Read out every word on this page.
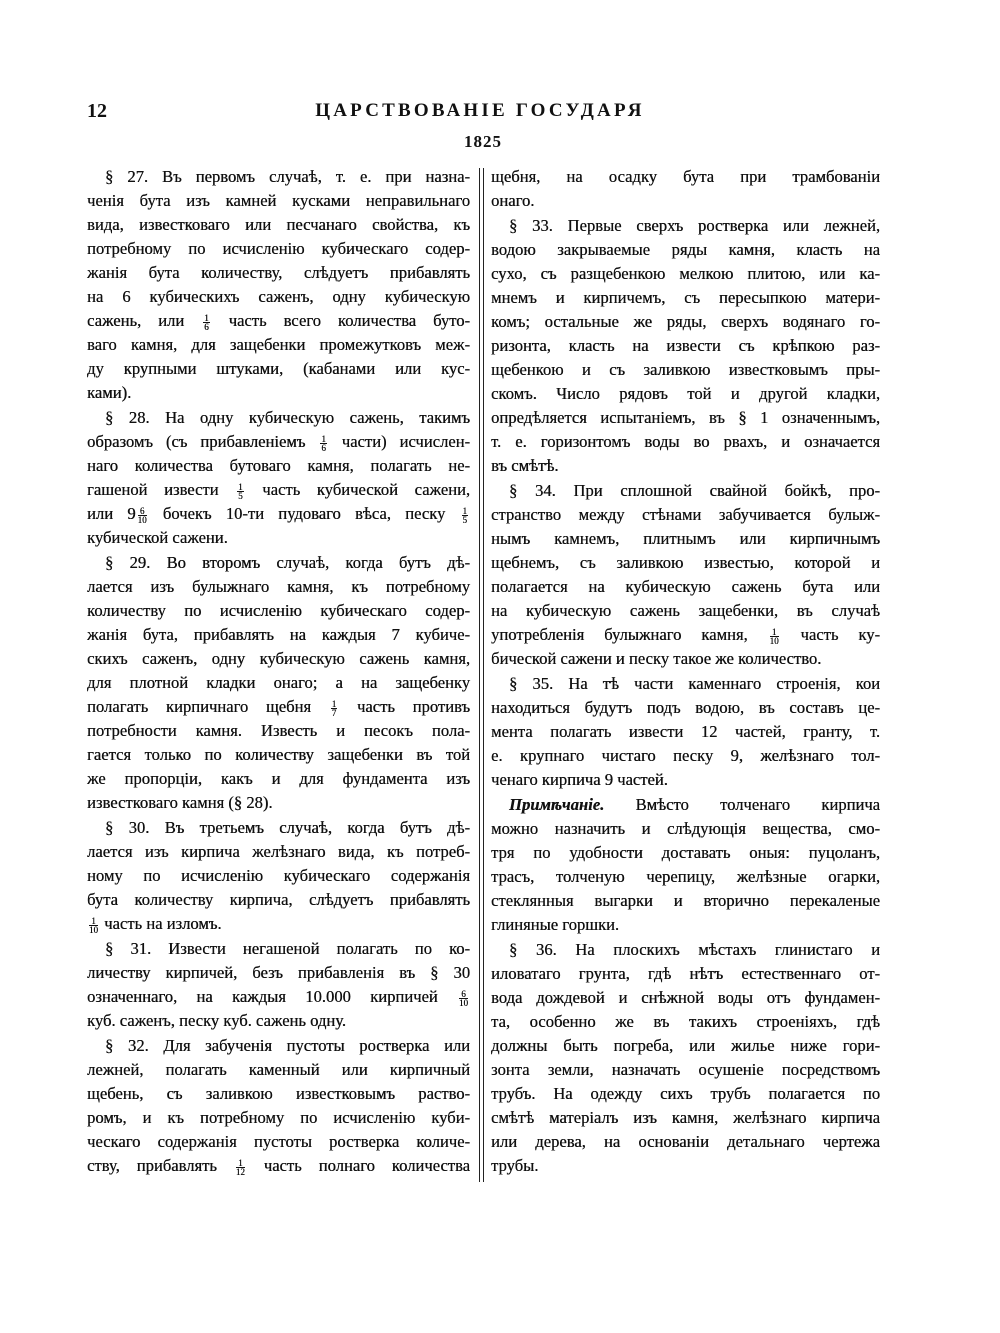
12	ЦАРСТВОВАНІЕ ГОСУДАРЯ
1825
§ 27. Въ первомъ случаѣ, т. е. при назна-
ченія бута изъ камней кусками неправильнаго
вида, известковаго или песчанаго свойства, къ
потребному по исчисленію кубическаго содер-
жанія бута количеству, слѣдуетъ прибавлять
на 6 кубическихъ саженъ, одну кубическую
сажень, или $\frac{1}{6}$ часть всего количества буто-
ваго камня, для защебенки промежутковъ меж-
ду крупными штуками, (кабанами или кус-
ками).
§ 28. На одну кубическую сажень, такимъ
образомъ (съ прибавленіемъ $\frac{1}{6}$ части) исчислен-
наго количества бутоваго камня, полагать не-
гашеной извести $\frac{1}{5}$ часть кубической сажени,
или $9 \frac{6}{10}$ бочекъ 10-ти пудоваго вѣса, песку $\frac{1}{5}$
кубической сажени.
§ 29. Во второмъ случаѣ, когда бутъ дѣ-
лается изъ булыжнаго камня, къ потребному
количеству по исчисленію кубическаго содер-
жанія бута, прибавлять на каждыя 7 кубиче-
скихъ саженъ, одну кубическую сажень камня,
для плотной кладки онаго; а на защебенку
полагать кирпичнаго щебня $\frac{1}{7}$ часть противъ
потребности камня. Известь и песокъ пола-
гается только по количеству защебенки въ той
же пропорціи, какъ и для фундамента изъ
известковаго камня (§ 28).
§ 30. Въ третьемъ случаѣ, когда бутъ дѣ-
лается изъ кирпича желѣзнаго вида, къ потреб-
ному по исчисленію кубическаго содержанія
бута количеству кирпича, слѣдуетъ прибавлять
$\frac{1}{10}$ часть на изломъ.
§ 31. Извести негашеной полагать по ко-
личеству кирпичей, безъ прибавленія въ § 30
означеннаго, на каждыя 10.000 кирпичей $\frac{6}{10}$
куб. саженъ, песку куб. сажень одну.
§ 32. Для забученія пустоты ростверка или
лежней, полагать каменный или кирпичный
щебень, съ заливкою известковымъ раство-
ромъ, и къ потребному по исчисленію куби-
ческаго содержанія пустоты ростверка количе-
ству, прибавлять $\frac{1}{12}$ часть полнаго количества
щебня, на осадку бута при трамбованіи
онаго.
§ 33. Первые сверхъ ростверка или лежней,
водою закрываемые ряды камня, класть на
сухо, съ разщебенкою мелкою плитою, или ка-
мнемъ и кирпичемъ, съ пересыпкою матери-
комъ; остальные же ряды, сверхъ водянаго го-
ризонта, класть на извести съ крѣпкою раз-
щебенкою и съ заливкою известковымъ пры-
скомъ. Число рядовъ той и другой кладки,
опредѣляется испытаніемъ, въ § 1 означеннымъ,
т. е. горизонтомъ воды во рвахъ, и означается
въ смѣтѣ.
§ 34. При сплошной свайной бойкѣ, про-
странство между стѣнами забучивается булыж-
нымъ камнемъ, плитнымъ или кирпичнымъ
щебнемъ, съ заливкою известью, которой и
полагается на кубическую сажень бута или
на кубическую сажень защебенки, въ случаѣ
употребленія булыжнаго камня, $\frac{1}{10}$ часть ку-
бической сажени и песку такое же количество.
§ 35. На тѣ части каменнаго строенія, кои
находиться будутъ подъ водою, въ составъ це-
мента полагать извести 12 частей, гранту, т.
е. крупнаго чистаго песку 9, желѣзнаго тол-
ченаго кирпича 9 частей.
Примѣчаніе. Вмѣсто толченаго кирпича
можно назначить и слѣдующія вещества, смо-
тря по удобности доставать оныя: пуцоланъ,
трасъ, толченую черепицу, желѣзные огарки,
стеклянныя выгарки и вторично перекаленые
глиняные горшки.
§ 36. На плоскихъ мѣстахъ глинистаго и
иловатаго грунта, гдѣ нѣтъ естественнаго от-
вода дождевой и снѣжной воды отъ фундамен-
та, особенно же въ такихъ строеніяхъ, гдѣ
должны быть погреба, или жилье ниже гори-
зонта земли, назначать осушеніе посредствомъ
трубъ. На одежду сихъ трубъ полагается по
смѣтѣ матеріалъ изъ камня, желѣзнаго кирпича
или дерева, на основаніи детальнаго чертежа
трубы.
